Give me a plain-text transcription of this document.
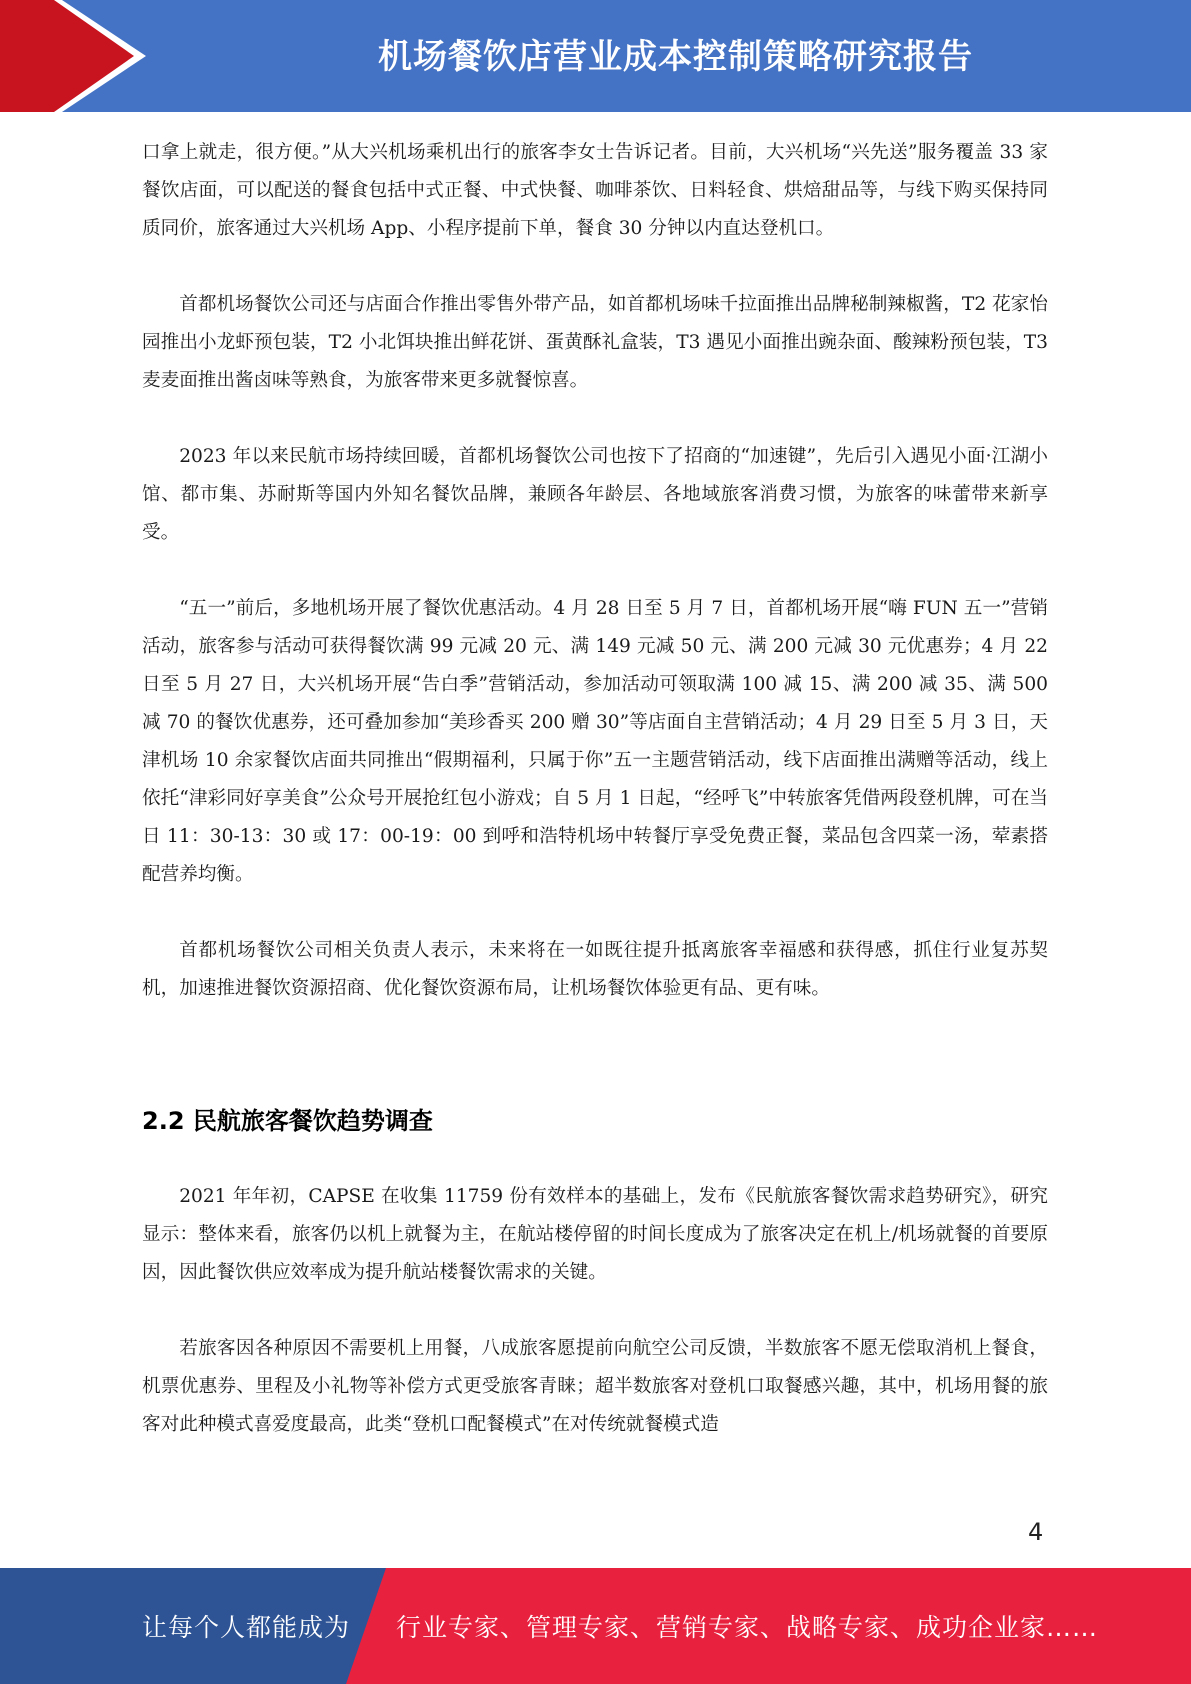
机场餐饮店营业成本控制策略研究报告

口拿上就走，很方便。”从大兴机场乘机出行的旅客李女士告诉记者。目前，大兴机场“兴先送”服务覆盖 33 家餐饮店面，可以配送的餐食包括中式正餐、中式快餐、咖啡茶饮、日料轻食、烘焙甜品等，与线下购买保持同质同价，旅客通过大兴机场 App、小程序提前下单，餐食 30 分钟以内直达登机口。

首都机场餐饮公司还与店面合作推出零售外带产品，如首都机场味千拉面推出品牌秘制辣椒酱，T2 花家怡园推出小龙虾预包装，T2 小北饵块推出鲜花饼、蛋黄酥礼盒装，T3 遇见小面推出豌杂面、酸辣粉预包装，T3 麦麦面推出酱卤味等熟食，为旅客带来更多就餐惊喜。

2023 年以来民航市场持续回暖，首都机场餐饮公司也按下了招商的“加速键”，先后引入遇见小面·江湖小馆、都市集、苏耐斯等国内外知名餐饮品牌，兼顾各年龄层、各地域旅客消费习惯，为旅客的味蕾带来新享受。

“五一”前后，多地机场开展了餐饮优惠活动。4 月 28 日至 5 月 7 日，首都机场开展“嗨 FUN 五一”营销活动，旅客参与活动可获得餐饮满 99 元减 20 元、满 149 元减 50 元、满 200 元减 30 元优惠券；4 月 22 日至 5 月 27 日，大兴机场开展“告白季”营销活动，参加活动可领取满 100 减 15、满 200 减 35、满 500 减 70 的餐饮优惠券，还可叠加参加“美珍香买 200 赠 30”等店面自主营销活动；4 月 29 日至 5 月 3 日，天津机场 10 余家餐饮店面共同推出“假期福利，只属于你”五一主题营销活动，线下店面推出满赠等活动，线上依托“津彩同好享美食”公众号开展抢红包小游戏；自 5 月 1 日起，“经呼飞”中转旅客凭借两段登机牌，可在当日 11：30-13：30 或 17：00-19：00 到呼和浩特机场中转餐厅享受免费正餐，菜品包含四菜一汤，荤素搭配营养均衡。

首都机场餐饮公司相关负责人表示，未来将在一如既往提升抵离旅客幸福感和获得感，抓住行业复苏契机，加速推进餐饮资源招商、优化餐饮资源布局，让机场餐饮体验更有品、更有味。

2.2 民航旅客餐饮趋势调查

2021 年年初，CAPSE 在收集 11759 份有效样本的基础上，发布《民航旅客餐饮需求趋势研究》，研究显示：整体来看，旅客仍以机上就餐为主，在航站楼停留的时间长度成为了旅客决定在机上/机场就餐的首要原因，因此餐饮供应效率成为提升航站楼餐饮需求的关键。

若旅客因各种原因不需要机上用餐，八成旅客愿提前向航空公司反馈，半数旅客不愿无偿取消机上餐食，机票优惠券、里程及小礼物等补偿方式更受旅客青睐；超半数旅客对登机口取餐感兴趣，其中，机场用餐的旅客对此种模式喜爱度最高，此类“登机口配餐模式”在对传统就餐模式造

4
让每个人都能成为 行业专家、管理专家、营销专家、战略专家、成功企业家……
